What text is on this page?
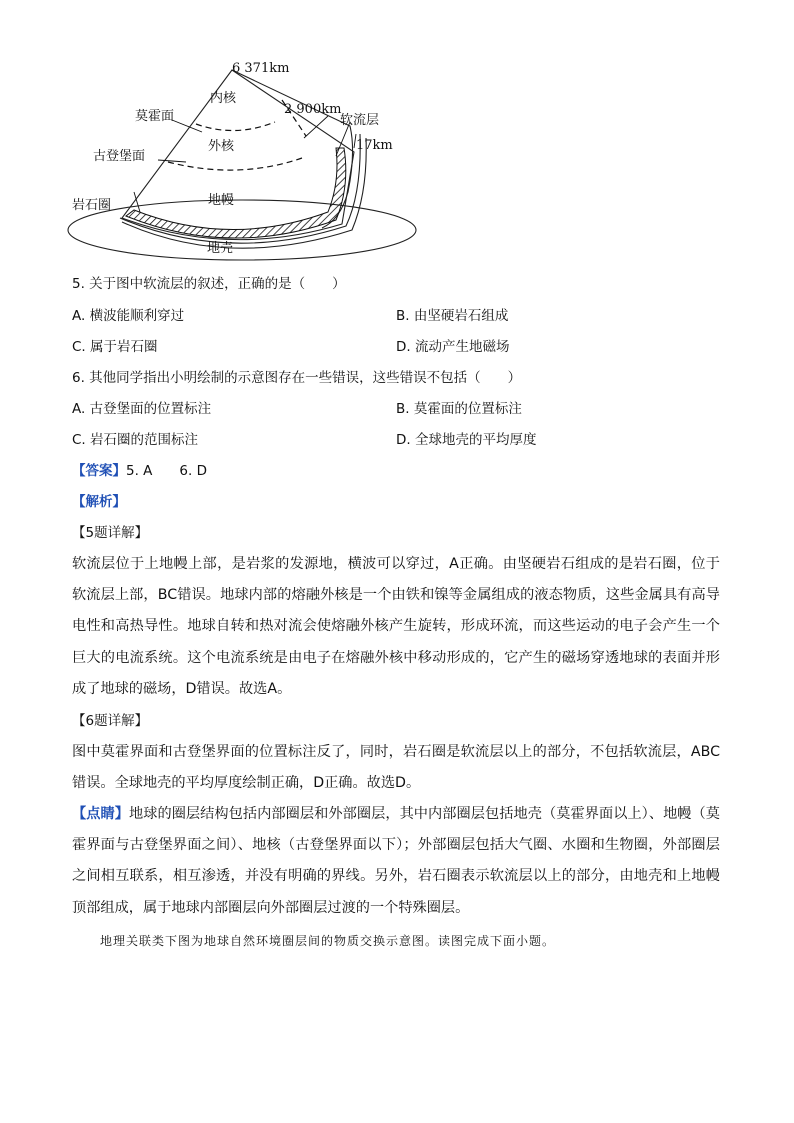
6 371km
内核
2 900km
莫霍面	软流层
外核
古登堡面
17km
岩石圈	地幔
地壳
5. 关于图中软流层的叙述，正确的是（　　）
A. 横波能顺利穿过	B. 由坚硬岩石组成
C. 属于岩石圈	D. 流动产生地磁场
6. 其他同学指出小明绘制的示意图存在一些错误，这些错误不包括（　　）
A. 古登堡面的位置标注	B. 莫霍面的位置标注
C. 岩石圈的范围标注	D. 全球地壳的平均厚度
【答案】5. A　　6. D
【解析】
【5题详解】
软流层位于上地幔上部，是岩浆的发源地，横波可以穿过，A正确。由坚硬岩石组成的是岩石圈，位于软流层上部，BC错误。地球内部的熔融外核是一个由铁和镍等金属组成的液态物质，这些金属具有高导电性和高热导性。地球自转和热对流会使熔融外核产生旋转，形成环流，而这些运动的电子会产生一个巨大的电流系统。这个电流系统是由电子在熔融外核中移动形成的，它产生的磁场穿透地球的表面并形成了地球的磁场，D错误。故选A。
【6题详解】
图中莫霍界面和古登堡界面的位置标注反了，同时，岩石圈是软流层以上的部分，不包括软流层，ABC错误。全球地壳的平均厚度绘制正确，D正确。故选D。
【点睛】地球的圈层结构包括内部圈层和外部圈层，其中内部圈层包括地壳（莫霍界面以上）、地幔（莫霍界面与古登堡界面之间）、地核（古登堡界面以下）；外部圈层包括大气圈、水圈和生物圈，外部圈层之间相互联系，相互渗透，并没有明确的界线。另外，岩石圈表示软流层以上的部分，由地壳和上地幔顶部组成，属于地球内部圈层向外部圈层过渡的一个特殊圈层。
地理关联类下图为地球自然环境圈层间的物质交换示意图。读图完成下面小题。
